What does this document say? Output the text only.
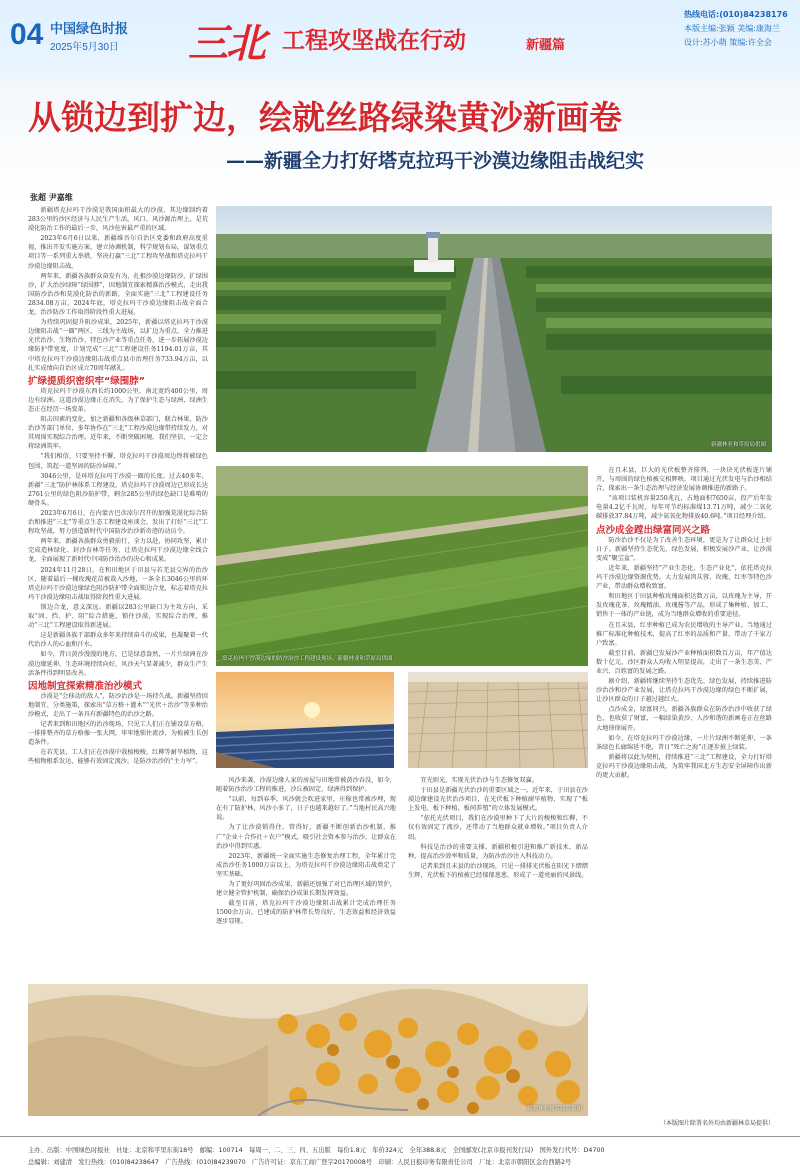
04 中国绿色时报
2025年5月30日 三北 工程攻坚战在行动	新疆篇
热线电话:(010)84238176
本版主编:张颖 美编:康海兰
设计:苏小萌 策编:许全会
从锁边到扩边，绘就丝路绿染黄沙新画卷
——新疆全力打好塔克拉玛干沙漠边缘阻击战纪实
张超 尹嘉维

新疆塔克拉玛干沙漠是我国面积最大的沙漠，其边缘制约着283公里的沙区经济与人民生产生活，风口、风沙源治理上，是荒漠化防治工作的最后一步，风沙危害最严重的区域。

2023年6月6日以来，新疆维吾尔自治区党委和政府高度重视，推出开发实施方案，建立协调机制，科学规划布局，谋划重点项目等一系列重大举措，坚决打赢“三北”工程攻坚战和塔克拉玛干沙漠边缘阻击战。

两年来，新疆各族群众奋发有为，扎根沙漠边缘防沙，扩绿围沙，扩大治沙绿障“绿围脖”，因地制宜探索精准治沙模式，走出我国防沙治沙和荒漠化防治的新路，全面实施“三北”工程建设任务2834.08万亩，2024年底，塔克拉玛干沙漠边缘阻击战全面合龙，治沙防沙工作取得阶段性重大进展。

为持续巩固提升阻沙成果，2025年，新疆以塔克拉玛干沙漠边缘阻击战“一圈”两区、三线为主战场，以扩边为重点，全力推进光伏治沙、生物治沙、特色沙产业等重点任务，进一步拓展沙漠边缘防护带宽度，计划完成“三北”工程建设任务1194.01万亩，其中塔克拉玛干沙漠边缘阻击战重点县市治理任务733.94万亩，以扎实成绩向自治区成立70周年献礼。

扩绿提质织密织牢“绿围脖”

塔克拉玛干沙漠东西长约1000公里，南北宽约400公里，周边有绿洲。这道沙漠边缘正在消失，为了保护生态与绿洲，绿洲生态正在经历一场变革。

阻击因素的变化，加之新疆和各级林草部门，联合林果、防沙治沙等部门单位，多年协作在“三北”工程沙漠边缘带持续发力，对其周围实现综合治理。近年来，不断突破困境。我们坚信，一定会将绿洲筑牢。

“我们相信，只要坚持不懈，塔克拉玛干沙漠周边终将被绿色包围，筑起一道坚固的防沙屏障。”

3046公里，是环塔克拉玛干沙漠一圈的长度。过去40多年，新疆“三北”防护林体系工程建设，塔克拉玛干沙漠周边已形成长达2761公里的绿色阻沙防护带，剩余285公里的绿色缺口是难啃的硬骨头。

2023年6月6日，在内蒙古巴彦淖尔召开的加强荒漠化综合防治和推进“三北”等重点生态工程建设座谈会，发出了打好“三北”工程攻坚战，努力创造新时代中国防沙治沙新奇迹的动员令。

两年来，新疆各族群众勇毅前行，全力以赴，协同攻坚，累计完成造林绿化、封沙育林等任务，让塔克拉玛干沙漠边缘全线合龙，全面展现了新时代中国防沙治沙的决心和成果。

2024年11月28日，在和田地区于田县与若羌县交界的治沙区，随着最后一棵玫瑰花苗被栽入沙地，一条全长3046公里的环塔克拉玛干沙漠边缘绿色阻沙防护带全面锁边合龙，标志着塔克拉玛干沙漠边缘阻击战取得阶段性重大进展。

锁边合龙，意义深远。新疆以283公里缺口为主攻方向，采取“固、挡、护、阻”综合措施，锁住沙漠，实现综合治理，推动“三北”工程建设取得新进展。

这是新疆各族干部群众多年来持续奋斗的成果，也凝聚着一代代治沙人的心血和汗水。

如今，昔日黄沙漫漫的地方，已是绿意盎然，一片片绿洲在沙漠边缘延伸，生态环境持续向好，风沙天气显著减少，群众生产生活条件得到明显改善。

因地制宜探索精准治沙模式

沙漠是“会移动的敌人”，防沙治沙是一场持久战。新疆坚持因地制宜、分类施策，探索出“草方格＋灌木”“光伏＋治沙”等多种治沙模式，走出了一条具有新疆特色的治沙之路。

记者来到和田地区的治沙现场，只见工人们正在铺设草方格，一排排整齐的草方格像一张大网，牢牢地锁住流沙，为植被生长创造条件。

在若羌县，工人们正在沙漠中栽植梭梭、红柳等耐旱植物，这些植物根系发达，能够有效固定流沙，是防沙治沙的“主力军”。

新疆林业和草原局供图
塔克拉玛干沙漠边缘的防沙治沙工程建设现场。新疆林业和草原局供图

在且末县，巨大的光伏板整齐排列，一块块光伏板连片铺开，与周围的绿色植被交相辉映。项目通过光伏发电与治沙相结合，探索出一条生态治理与经济发展协调推进的新路子。

“该项目装机容量250兆瓦，占地面积7650亩，投产后年发电量4.2亿千瓦时，每年可节约标准煤13.71万吨，减少二氧化碳排放37.84万吨，减少氮氧化物排放40.6吨。”项目经理介绍。

点沙成金蹚出绿富同兴之路

防沙治沙不仅是为了改善生态环境，更是为了让群众过上好日子。新疆坚持生态优先、绿色发展，积极发展沙产业，让沙漠变成“聚宝盆”。

近年来，新疆坚持“产业生态化、生态产业化”，依托塔克拉玛干沙漠边缘资源优势，大力发展肉苁蓉、玫瑰、红枣等特色沙产业，带动群众增收致富。

和田地区于田县种植玫瑰面积达数万亩，以玫瑰为主导，开发玫瑰花茶、玫瑰精油、玫瑰酱等产品，形成了集种植、加工、销售于一体的产业链，成为当地群众增收的重要途径。

在且末县，红枣种植已成为农民增收的主导产业。当地通过推广标准化种植技术，提高了红枣的品质和产量，带动了千家万户致富。

截至目前，新疆已发展沙产业种植面积数百万亩，年产值达数十亿元，沙区群众人均收入明显提高，走出了一条生态美、产业兴、百姓富的发展之路。

据介绍，新疆将继续坚持生态优先、绿色发展，持续推进防沙治沙和沙产业发展，让塔克拉玛干沙漠边缘的绿色不断扩展，让沙区群众的日子越过越红火。

点沙成金，绿富同兴。新疆各族群众在防沙治沙中收获了绿色，也收获了财富，一幅绿染黄沙、人沙和谐的新画卷正在丝路大地徐徐展开。

如今，在塔克拉玛干沙漠边缘，一片片绿洲不断延伸，一条条绿色长廊绵延不绝，昔日“死亡之海”正逐步披上绿装。

新疆将以此为契机，持续推进“三北”工程建设，全力打好塔克拉玛干沙漠边缘阻击战，为筑牢我国北方生态安全屏障作出新的更大贡献。

风沙来袭，沙漠边缘人家的房屋与田地常被黄沙吞没，如今，随着防沙治沙工程的推进，沙丘被固定，绿洲得到保护。

“以前，每到春季，风沙就会吹进家里，庄稼也常被沙埋，现在有了防护林，风沙小多了，日子也越来越好了。”当地村民高兴地说。

为了让沙漠锁得住、管得好，新疆不断创新治沙机制，推广“企业＋合作社＋农户”模式，吸引社会资本参与治沙，让群众在治沙中得到实惠。

2023年，新疆统一全面实施生态修复治理工程，全年累计完成治沙任务1000万亩以上，为塔克拉玛干沙漠边缘阻击战奠定了坚实基础。

为了更好巩固治沙成果，新疆还加强了对已治理区域的管护，建立健全管护机制，确保治沙成果长期发挥效益。

截至目前，塔克拉玛干沙漠边缘阻击战累计完成治理任务1500余万亩，已建成的防护林带长势良好，生态效益和经济效益逐步显现。

宜光则光，实现光伏治沙与生态修复双赢。

于田县是新疆光伏治沙的重要区域之一。近年来，于田县在沙漠边缘建设光伏治沙项目，在光伏板下种植耐旱植物，实现了“板上发电、板下种植、板间养殖”的立体发展模式。

“依托光伏项目，我们在沙漠里种下了大片的梭梭和红柳，不仅有效固定了流沙，还带动了当地群众就业增收。”项目负责人介绍。

科技是治沙的重要支撑。新疆积极引进和推广新技术、新品种，提高治沙效率和质量，为防沙治沙注入科技动力。

记者来到且末县的治沙现场，只见一排排光伏板在阳光下熠熠生辉，光伏板下的植被已经郁郁葱葱，形成了一道亮丽的风景线。

新疆林业和草原局供图
（本版图片除署名外均由新疆林草局提供）
主办、出版：中国绿色时报社　社址：北京和平里东街18号　邮编：100714　每周一、二、三、四、五出版　每份1.8元　年价324元　全年388.8元　全国邮发(北京市报刊发行局)　国外发行代号：D4700
总编辑：刘建清　发行热线：(010)84238647　广告热线：(010)84239070　广告许可证：京东工商广登字20170008号　印刷：人民日报印务有限责任公司　厂址：北京市朝阳区金台西路2号
